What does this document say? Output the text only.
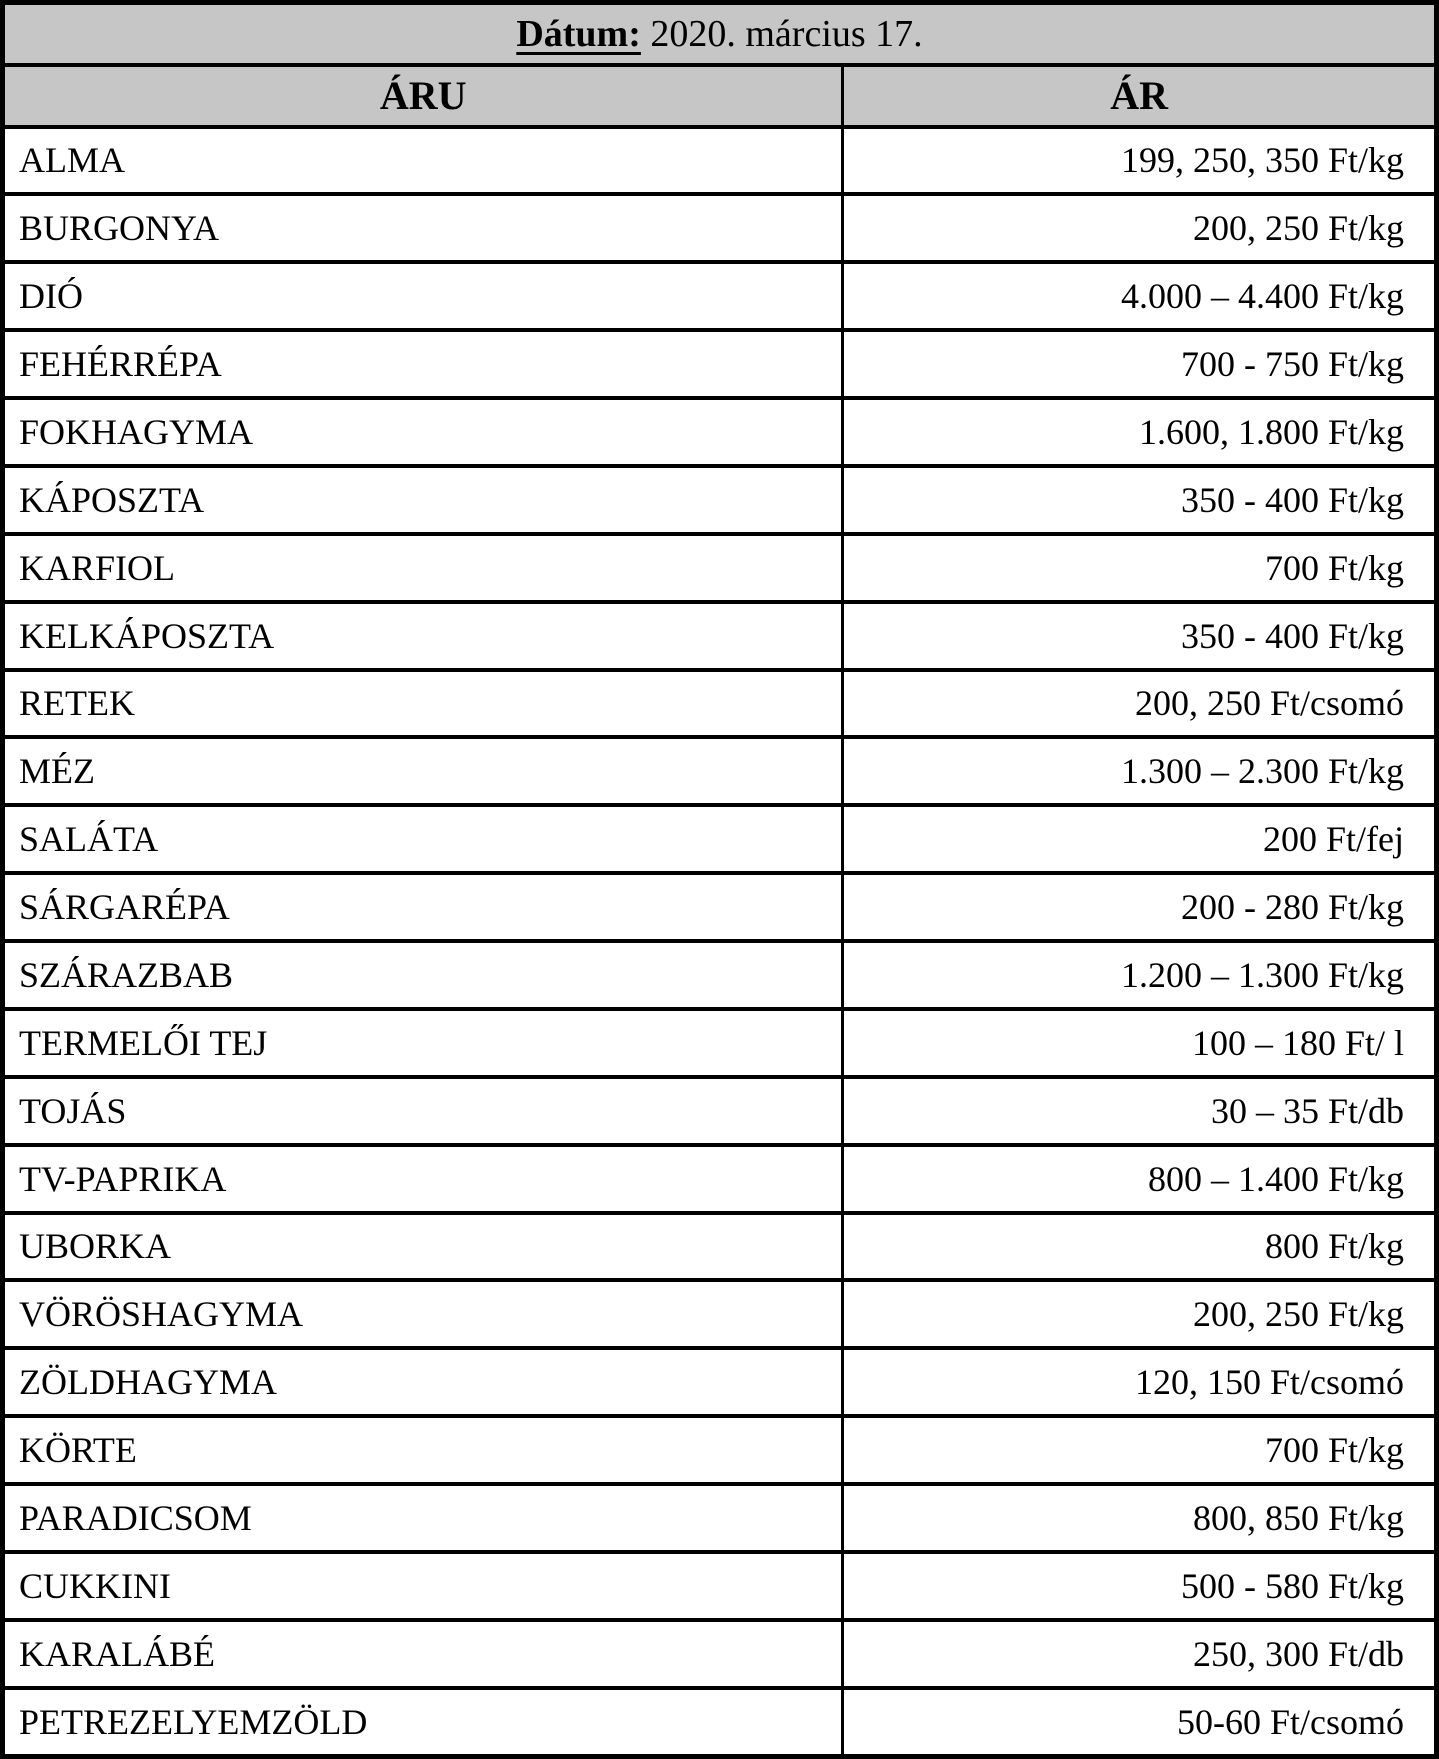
Dátum: 2020. március 17.	
ÁRU	ÁR
ALMA	199, 250, 350 Ft/kg
BURGONYA	200, 250 Ft/kg
DIÓ	4.000 – 4.400 Ft/kg
FEHÉRRÉPA	700 - 750 Ft/kg
FOKHAGYMA	1.600, 1.800 Ft/kg
KÁPOSZTA	350 - 400 Ft/kg
KARFIOL	700 Ft/kg
KELKÁPOSZTA	350 - 400 Ft/kg
RETEK	200, 250 Ft/csomó
MÉZ	1.300 – 2.300 Ft/kg
SALÁTA	200 Ft/fej
SÁRGARÉPA	200 - 280 Ft/kg
SZÁRAZBAB	1.200 – 1.300 Ft/kg
TERMELŐI TEJ	100 – 180 Ft/ l
TOJÁS	30 – 35 Ft/db
TV-PAPRIKA	800 – 1.400 Ft/kg
UBORKA	800 Ft/kg
VÖRÖSHAGYMA	200, 250 Ft/kg
ZÖLDHAGYMA	120, 150 Ft/csomó
KÖRTE	700 Ft/kg
PARADICSOM	800, 850 Ft/kg
CUKKINI	500 - 580 Ft/kg
KARALÁBÉ	250, 300 Ft/db
PETREZELYEMZÖLD	50-60 Ft/csomó
